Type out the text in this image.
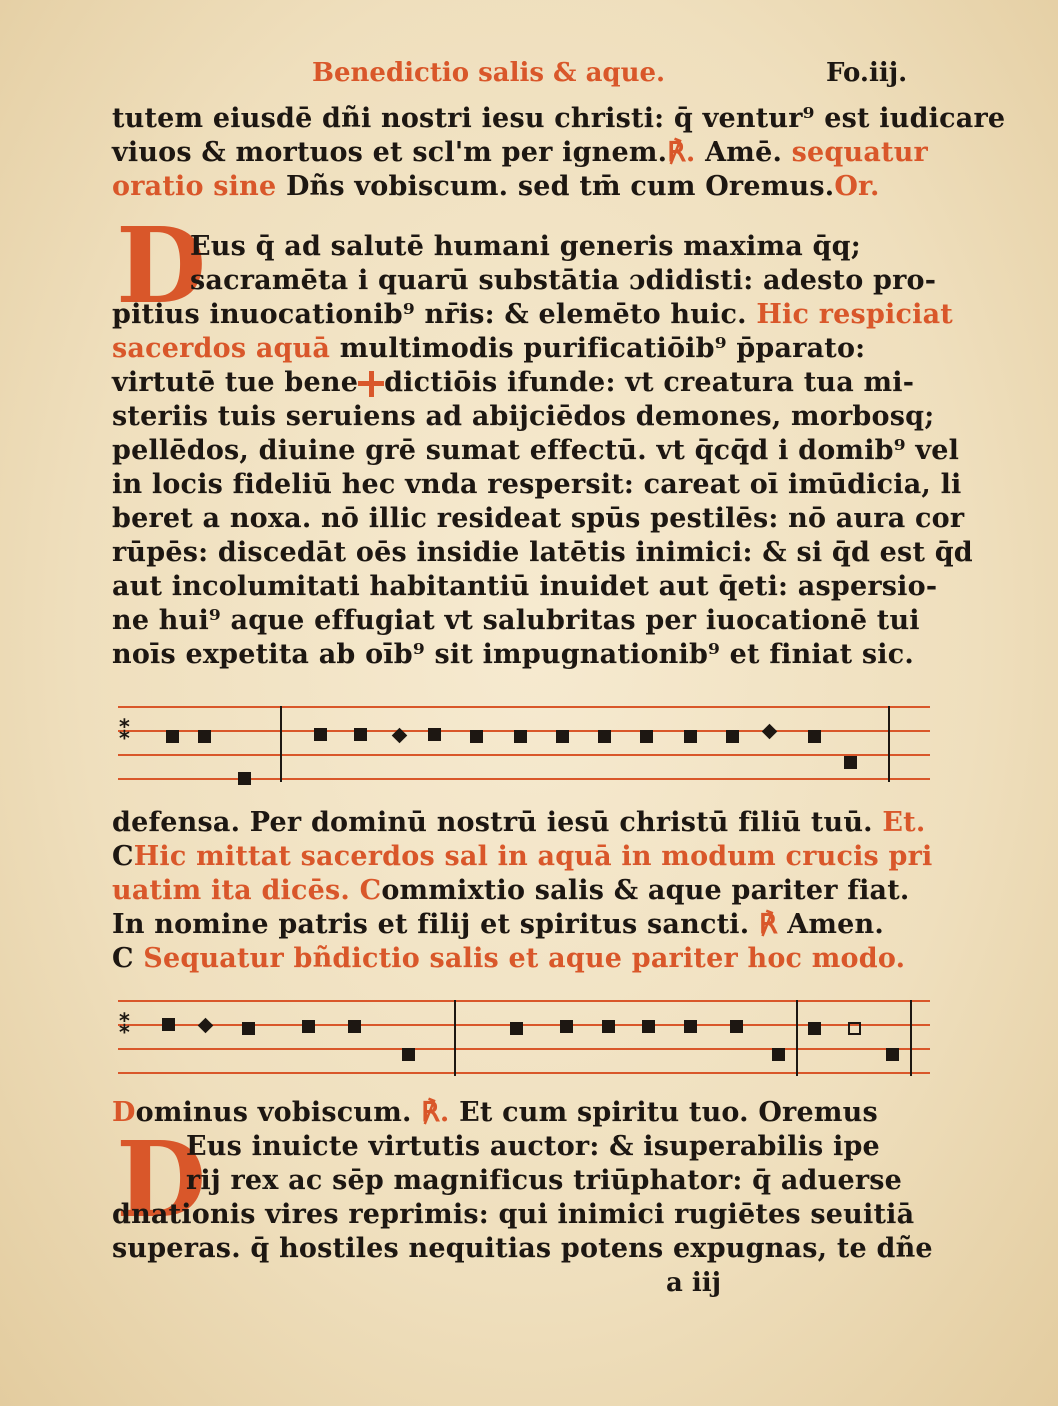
Benedictio salis & aque.	Fo.iij.
tutem eiusdē dñi nostri iesu christi: q̄ ventur⁹ est iudicare
viuos & mortuos et scl'm per ignem.℟. Amē. sequatur
oratio sine Dñs vobiscum. sed tm̄ cum Oremus.Or.
D
Eus q̄ ad salutē humani generis maxima q̄q;
sacramēta i quarū substātia ɔdidisti: adesto pro-
pitius inuocationib⁹ nr̄is: & elemēto huic. Hic respiciat
sacerdos aquā multimodis purificatiōib⁹ p̄parato:
virtutē tue bene dictiōis ifunde: vt creatura tua mi-
steriis tuis seruiens ad abijciēdos demones, morbosq;
pellēdos, diuine grē sumat effectū. vt q̄cq̄d i domib⁹ vel
in locis fideliū hec vnda respersit: careat oī imūdicia, li
beret a noxa. nō illic resideat spūs pestilēs: nō aura cor
rūpēs: discedāt oēs insidie latētis inimici: & si q̄d est q̄d
aut incolumitati habitantiū inuidet aut q̄eti: aspersio-
ne hui⁹ aque effugiat vt salubritas per iuocationē tui
noīs expetita ab oīb⁹ sit impugnationib⁹ et finiat sic.
⁑
defensa. Per dominū nostrū iesū christū filiū tuū. Et.
CHic mittat sacerdos sal in aquā in modum crucis pri
uatim ita dicēs. Commixtio salis & aque pariter fiat.
In nomine patris et filij et spiritus sancti. ℟ Amen.
C Sequatur bñdictio salis et aque pariter hoc modo.
⁑
Dominus vobiscum. ℟. Et cum spiritu tuo. Oremus
D
Eus inuicte virtutis auctor: & isuperabilis ipe
rij rex ac sēp magnificus triūphator: q̄ aduerse
dnationis vires reprimis: qui inimici rugiētes seuitiā
superas. q̄ hostiles nequitias potens expugnas, te dñe
a iij
